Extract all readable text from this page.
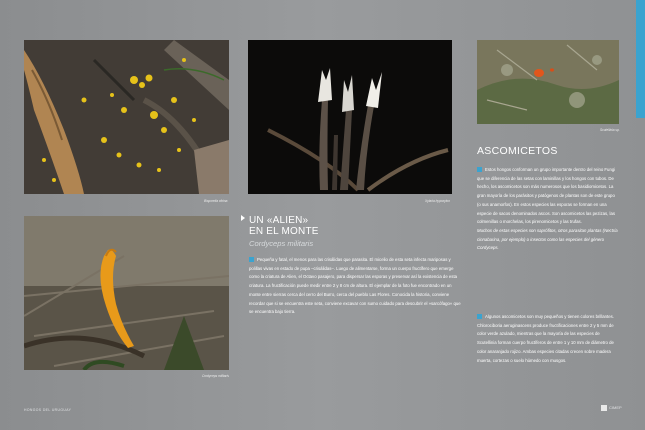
Bisporella citrina	Xylaria hypoxylon
Scutellinia sp.
Cordyceps militaris
UN «ALIEN»
EN EL MONTE
Cordyceps militaris
Pequeña y fatal, el menos para las crisálidas que parasita. El micelio de esta seta infecta mariposas y polillas vivas en estado de pupa –crisálidas–. Luego de alimentarse, forma un cuerpo fructífero que emerge como la criatura de Alien, el Octavo pasajero, para dispersar las esporas y preservar así la existencia de esta criatura. La fructificación puede medir entre 2 y 8 cm de altura. El ejemplar de la foto fue encontrado en un monte entre sierras cerca del cerro del Burro, cerca del pueblo Las Flores. Conocida la historia, conviene recordar que si se encuentra este seta, conviene excavar con sumo cuidado para descubrir el »sarcófago« que se encuentra bajo tierra.
ASCOMICETOS
Estos hongos conforman un grupo importante dentro del reino Fungi que se diferencia de las setas con laminillas y los hongos con tubos. De hecho, los ascomicetos son más numerosos que los basidiomicetos. La gran mayoría de los parásitos y patógenos de plantas son de este grupo (o sus anamorfos). En estos especies las esporas se forman en una especie de sacos denominados ascos. Son ascomicetos las pezizas, las colmenillas o morchelas, los pirenomicetos y las trufas.
Muchos de estas especies son saprófitos, otros parasitan plantas (Nectria cinnabarina, por ejemplo) o insectos como las especies del género Cordyceps.
Algunos ascomicetos son muy pequeños y tienen colores brillantes. Chlorociboria aeruginascens produce fructificaciones entre 2 y 5 mm de color verde azulado, mientras que la mayoría de las especies de Scutellinia forman cuerpo fructíferos de entre 1 y 10 mm de diámetro de color anaranjado rojizo. Ambas especies citadas crecen sobre madera muerta, cortezas o suelo húmedo con musgos.
HONGOS DEL URUGUAY	CIMEP
